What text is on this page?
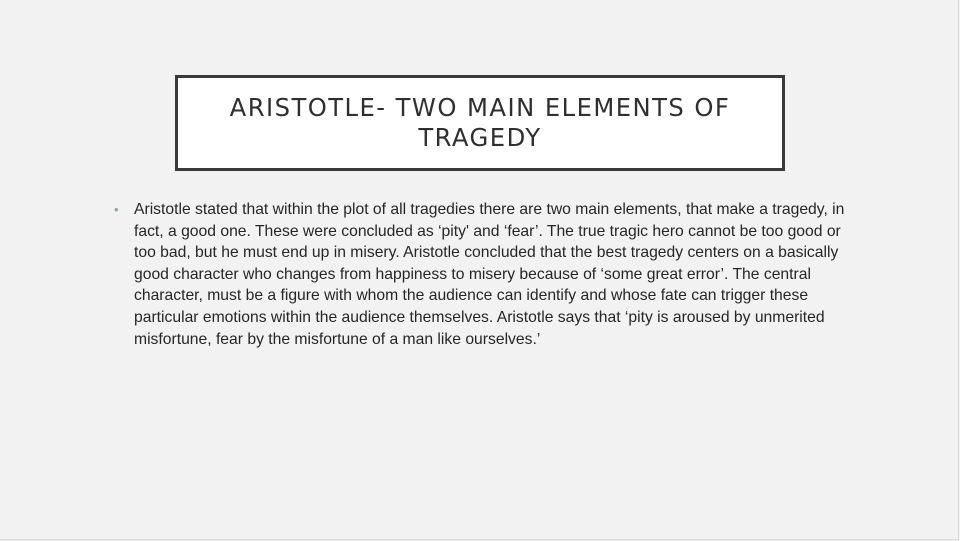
ARISTOTLE- TWO MAIN ELEMENTS OF TRAGEDY
• Aristotle stated that within the plot of all tragedies there are two main elements, that make a tragedy, in fact, a good one. These were concluded as ‘pity' and ‘fear’. The true tragic hero cannot be too good or too bad, but he must end up in misery. Aristotle concluded that the best tragedy centers on a basically good character who changes from happiness to misery because of ‘some great error’. The central character, must be a figure with whom the audience can identify and whose fate can trigger these particular emotions within the audience themselves. Aristotle says that ‘pity is aroused by unmerited misfortune, fear by the misfortune of a man like ourselves.’
